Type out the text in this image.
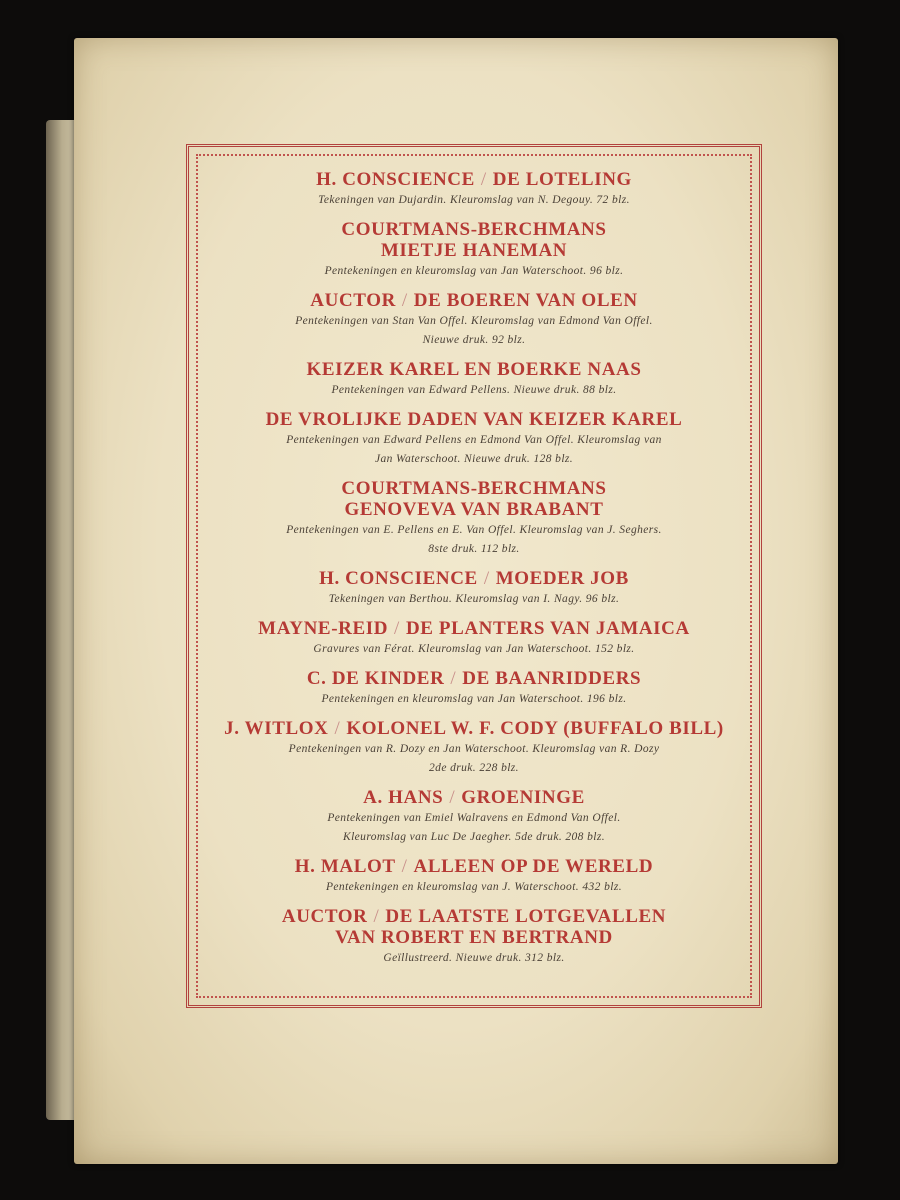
H. CONSCIENCE / DE LOTELING
Tekeningen van Dujardin. Kleuromslag van N. Degouy. 72 blz.
COURTMANS-BERCHMANS
MIETJE HANEMAN
Pentekeningen en kleuromslag van Jan Waterschoot. 96 blz.
AUCTOR / DE BOEREN VAN OLEN
Pentekeningen van Stan Van Offel. Kleuromslag van Edmond Van Offel.
Nieuwe druk. 92 blz.
KEIZER KAREL EN BOERKE NAAS
Pentekeningen van Edward Pellens. Nieuwe druk. 88 blz.
DE VROLIJKE DADEN VAN KEIZER KAREL
Pentekeningen van Edward Pellens en Edmond Van Offel. Kleuromslag van
Jan Waterschoot. Nieuwe druk. 128 blz.
COURTMANS-BERCHMANS
GENOVEVA VAN BRABANT
Pentekeningen van E. Pellens en E. Van Offel. Kleuromslag van J. Seghers.
8ste druk. 112 blz.
H. CONSCIENCE / MOEDER JOB
Tekeningen van Berthou. Kleuromslag van I. Nagy. 96 blz.
MAYNE-REID / DE PLANTERS VAN JAMAICA
Gravures van Férat. Kleuromslag van Jan Waterschoot. 152 blz.
C. DE KINDER / DE BAANRIDDERS
Pentekeningen en kleuromslag van Jan Waterschoot. 196 blz.
J. WITLOX / KOLONEL W. F. CODY (BUFFALO BILL)
Pentekeningen van R. Dozy en Jan Waterschoot. Kleuromslag van R. Dozy
2de druk. 228 blz.
A. HANS / GROENINGE
Pentekeningen van Emiel Walravens en Edmond Van Offel.
Kleuromslag van Luc De Jaegher. 5de druk. 208 blz.
H. MALOT / ALLEEN OP DE WERELD
Pentekeningen en kleuromslag van J. Waterschoot. 432 blz.
AUCTOR / DE LAATSTE LOTGEVALLEN
VAN ROBERT EN BERTRAND
Geïllustreerd. Nieuwe druk. 312 blz.
